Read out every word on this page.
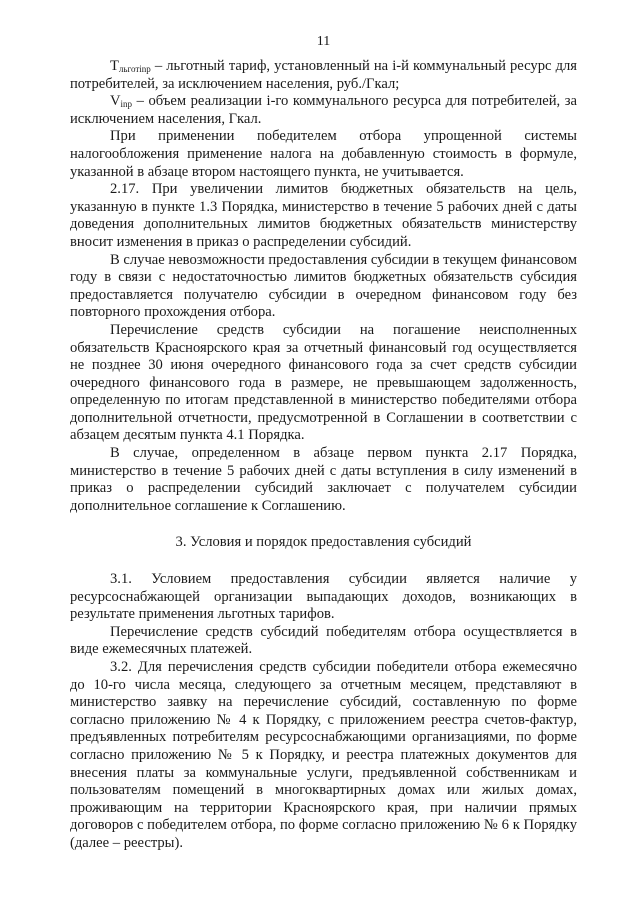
11

$Т_{льготinр}$ – льготный тариф, установленный на i-й коммунальный ресурс для потребителей, за исключением населения, руб./Гкал;

$V_{inр}$ – объем реализации i-го коммунального ресурса для потребителей, за исключением населения, Гкал.

При применении победителем отбора упрощенной системы налогообложения применение налога на добавленную стоимость в формуле, указанной в абзаце втором настоящего пункта, не учитывается.

2.17. При увеличении лимитов бюджетных обязательств на цель, указанную в пункте 1.3 Порядка, министерство в течение 5 рабочих дней с даты доведения дополнительных лимитов бюджетных обязательств министерству вносит изменения в приказ о распределении субсидий.

В случае невозможности предоставления субсидии в текущем финансовом году в связи с недостаточностью лимитов бюджетных обязательств субсидия предоставляется получателю субсидии в очередном финансовом году без повторного прохождения отбора.

Перечисление средств субсидии на погашение неисполненных обязательств Красноярского края за отчетный финансовый год осуществляется не позднее 30 июня очередного финансового года за счет средств субсидии очередного финансового года в размере, не превышающем задолженность, определенную по итогам представленной в министерство победителями отбора дополнительной отчетности, предусмотренной в Соглашении в соответствии с абзацем десятым пункта 4.1 Порядка.

В случае, определенном в абзаце первом пункта 2.17 Порядка, министерство в течение 5 рабочих дней с даты вступления в силу изменений в приказ о распределении субсидий заключает с получателем субсидии дополнительное соглашение к Соглашению.

3. Условия и порядок предоставления субсидий

3.1. Условием предоставления субсидии является наличие у ресурсоснабжающей организации выпадающих доходов, возникающих в результате применения льготных тарифов.

Перечисление средств субсидий победителям отбора осуществляется в виде ежемесячных платежей.

3.2. Для перечисления средств субсидии победители отбора ежемесячно до 10-го числа месяца, следующего за отчетным месяцем, представляют в министерство заявку на перечисление субсидий, составленную по форме согласно приложению № 4 к Порядку, с приложением реестра счетов-фактур, предъявленных потребителям ресурсоснабжающими организациями, по форме согласно приложению № 5 к Порядку, и реестра платежных документов для внесения платы за коммунальные услуги, предъявленной собственникам и пользователям помещений в многоквартирных домах или жилых домах, проживающим на территории Красноярского края, при наличии прямых договоров с победителем отбора, по форме согласно приложению № 6 к Порядку (далее – реестры).
